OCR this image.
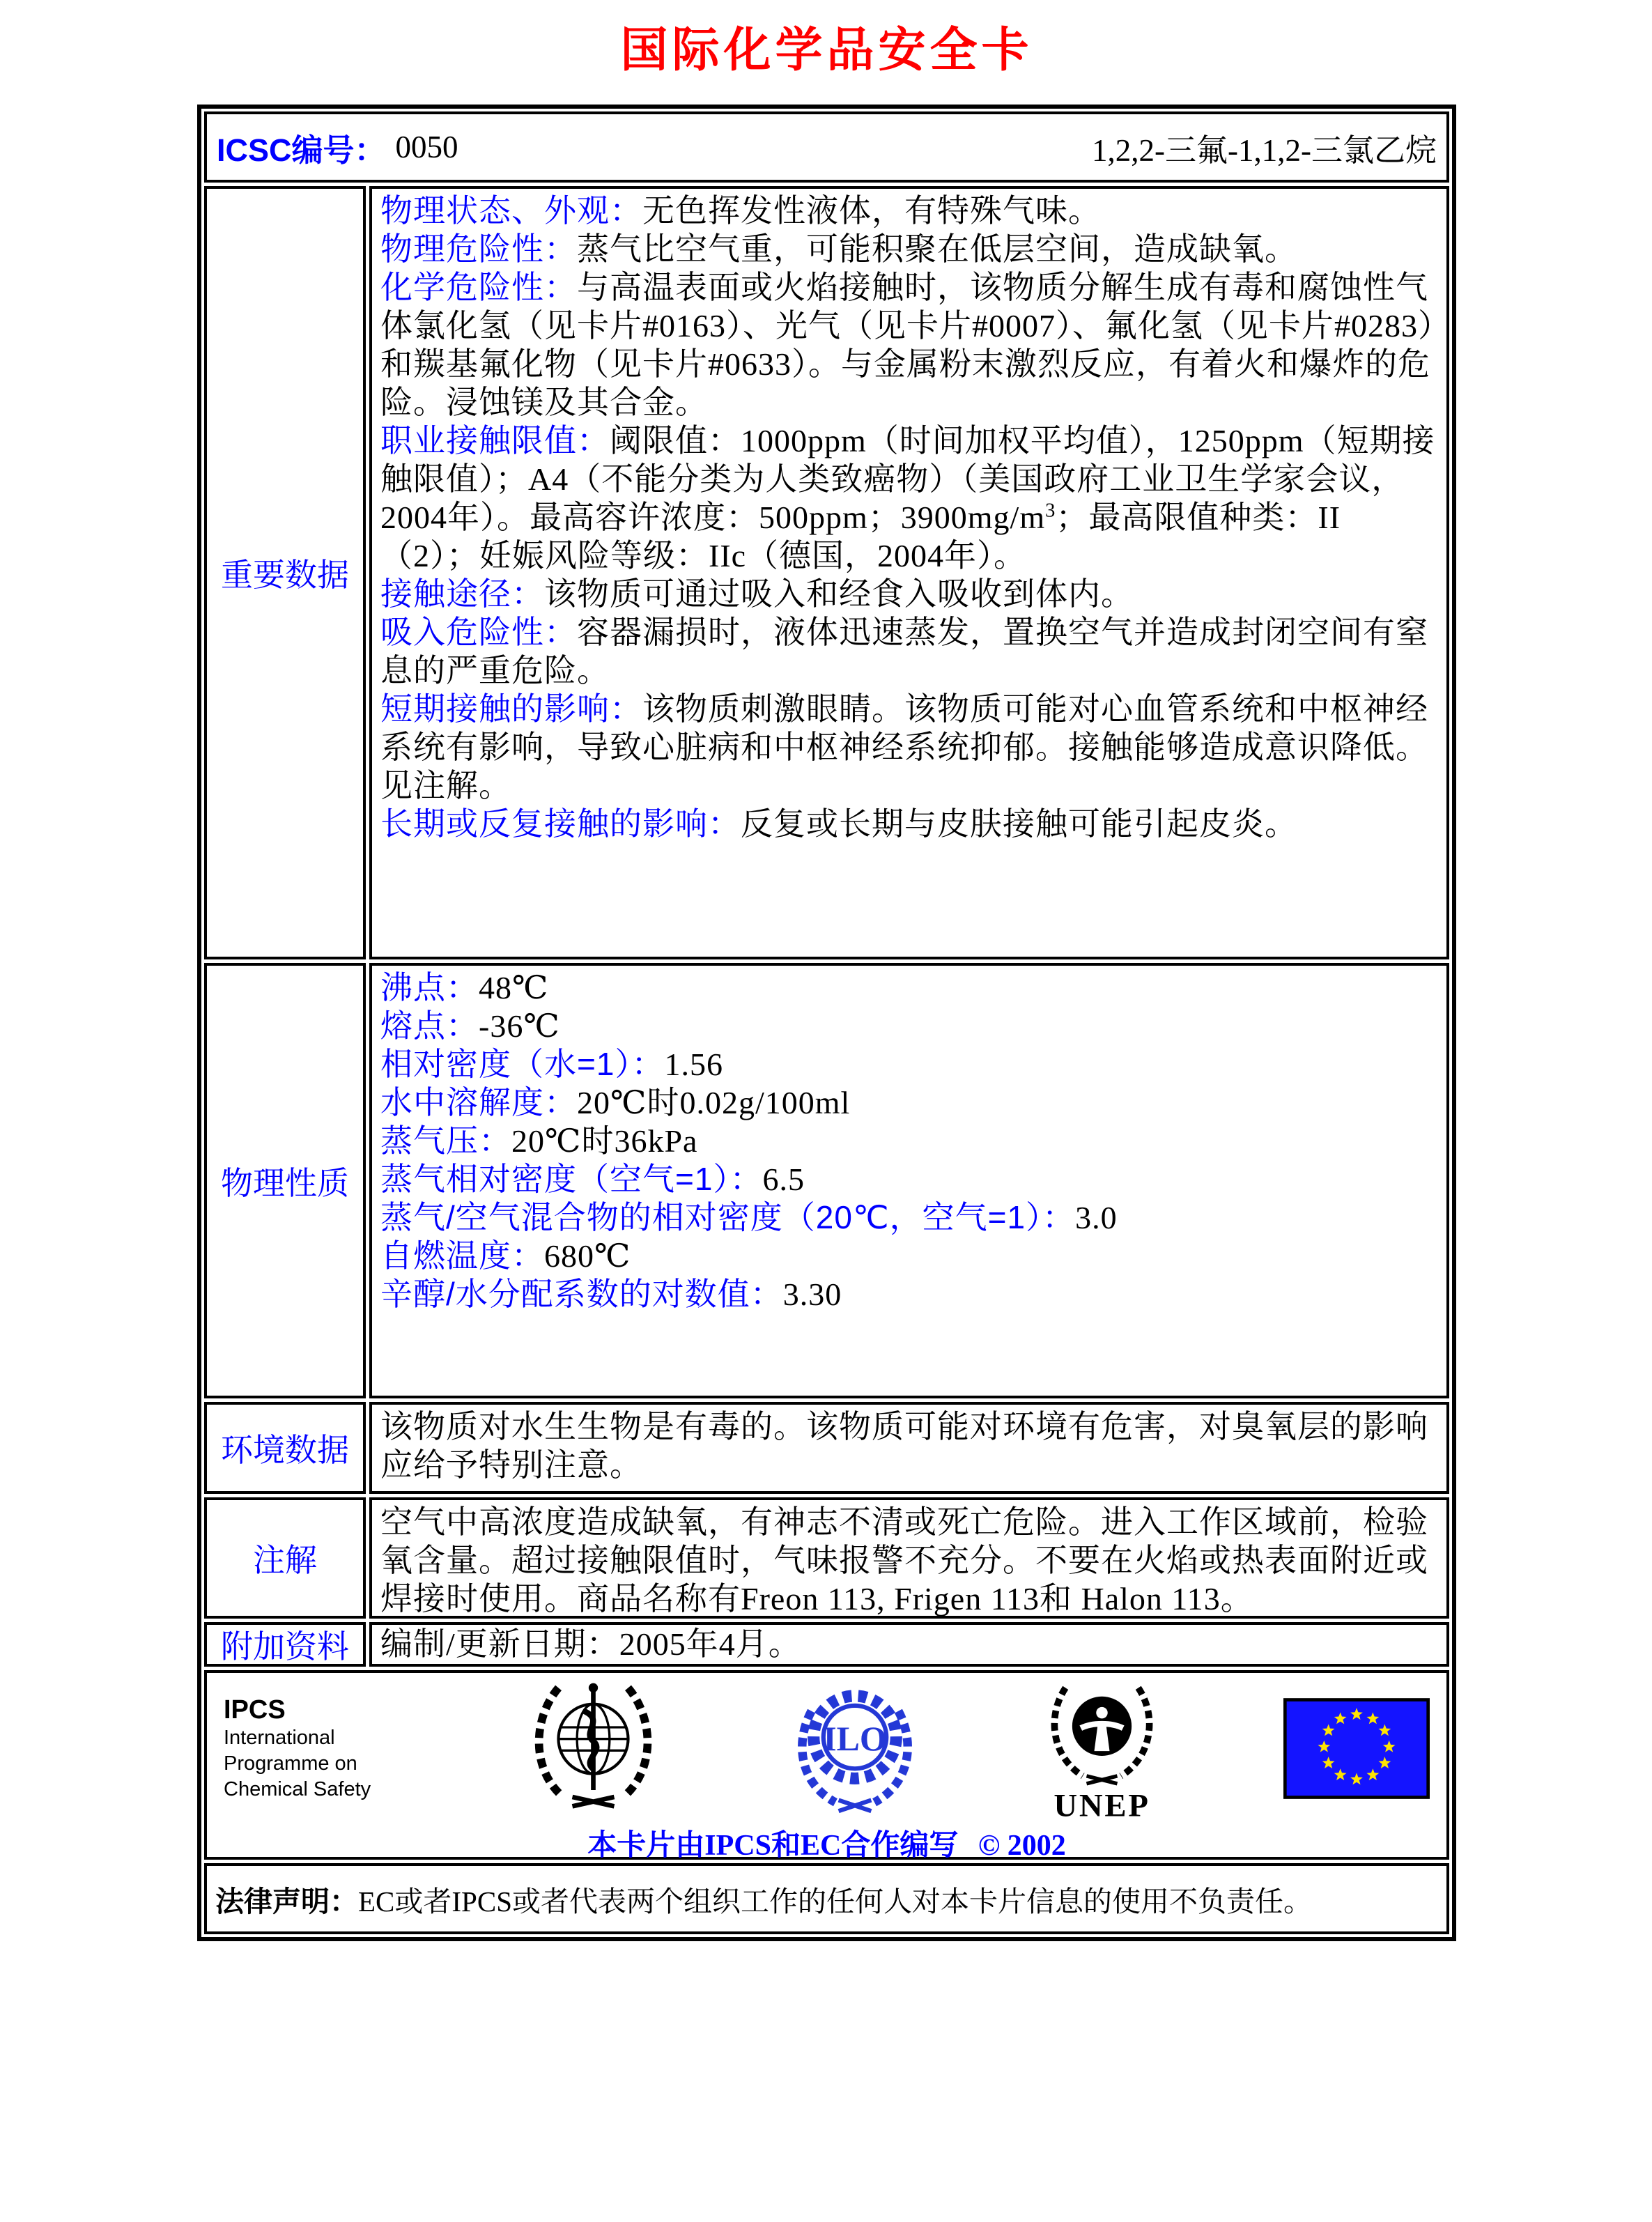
国际化学品安全卡
ICSC编号： 0050	1,2,2-三氟-1,1,2-三氯乙烷
重要数据
物理状态、外观：无色挥发性液体，有特殊气味。
物理危险性：蒸气比空气重，可能积聚在低层空间，造成缺氧。
化学危险性：与高温表面或火焰接触时，该物质分解生成有毒和腐蚀性气体氯化氢（见卡片#0163）、光气（见卡片#0007）、氟化氢（见卡片#0283）和羰基氟化物（见卡片#0633）。与金属粉末激烈反应，有着火和爆炸的危险。浸蚀镁及其合金。
职业接触限值：阈限值：1000ppm（时间加权平均值），1250ppm（短期接触限值）；A4（不能分类为人类致癌物）（美国政府工业卫生学家会议，2004年）。最高容许浓度：500ppm；$3900mg/m^3$；最高限值种类：II（2）；妊娠风险等级：IIc（德国，2004年）。
接触途径：该物质可通过吸入和经食入吸收到体内。
吸入危险性：容器漏损时，液体迅速蒸发，置换空气并造成封闭空间有窒息的严重危险。
短期接触的影响：该物质刺激眼睛。该物质可能对心血管系统和中枢神经系统有影响，导致心脏病和中枢神经系统抑郁。接触能够造成意识降低。见注解。
长期或反复接触的影响：反复或长期与皮肤接触可能引起皮炎。
物理性质
沸点：48℃
熔点：-36℃
相对密度（水=1）：1.56
水中溶解度：20℃时0.02g/100ml
蒸气压：20℃时36kPa
蒸气相对密度（空气=1）：6.5
蒸气/空气混合物的相对密度（20℃，空气=1）：3.0
自燃温度：680℃
辛醇/水分配系数的对数值：3.30
环境数据
该物质对水生生物是有毒的。该物质可能对环境有危害，对臭氧层的影响应给予特别注意。
注解
空气中高浓度造成缺氧，有神志不清或死亡危险。进入工作区域前，检验氧含量。超过接触限值时，气味报警不充分。不要在火焰或热表面附近或焊接时使用。商品名称有Freon 113, Frigen 113和 Halon 113。
附加资料 编制/更新日期：2005年4月。
IPCS
International
Programme on
Chemical Safety
ILO
UNEP
本卡片由IPCS和EC合作编写 © 2002
法律声明： EC或者IPCS或者代表两个组织工作的任何人对本卡片信息的使用不负责任。
